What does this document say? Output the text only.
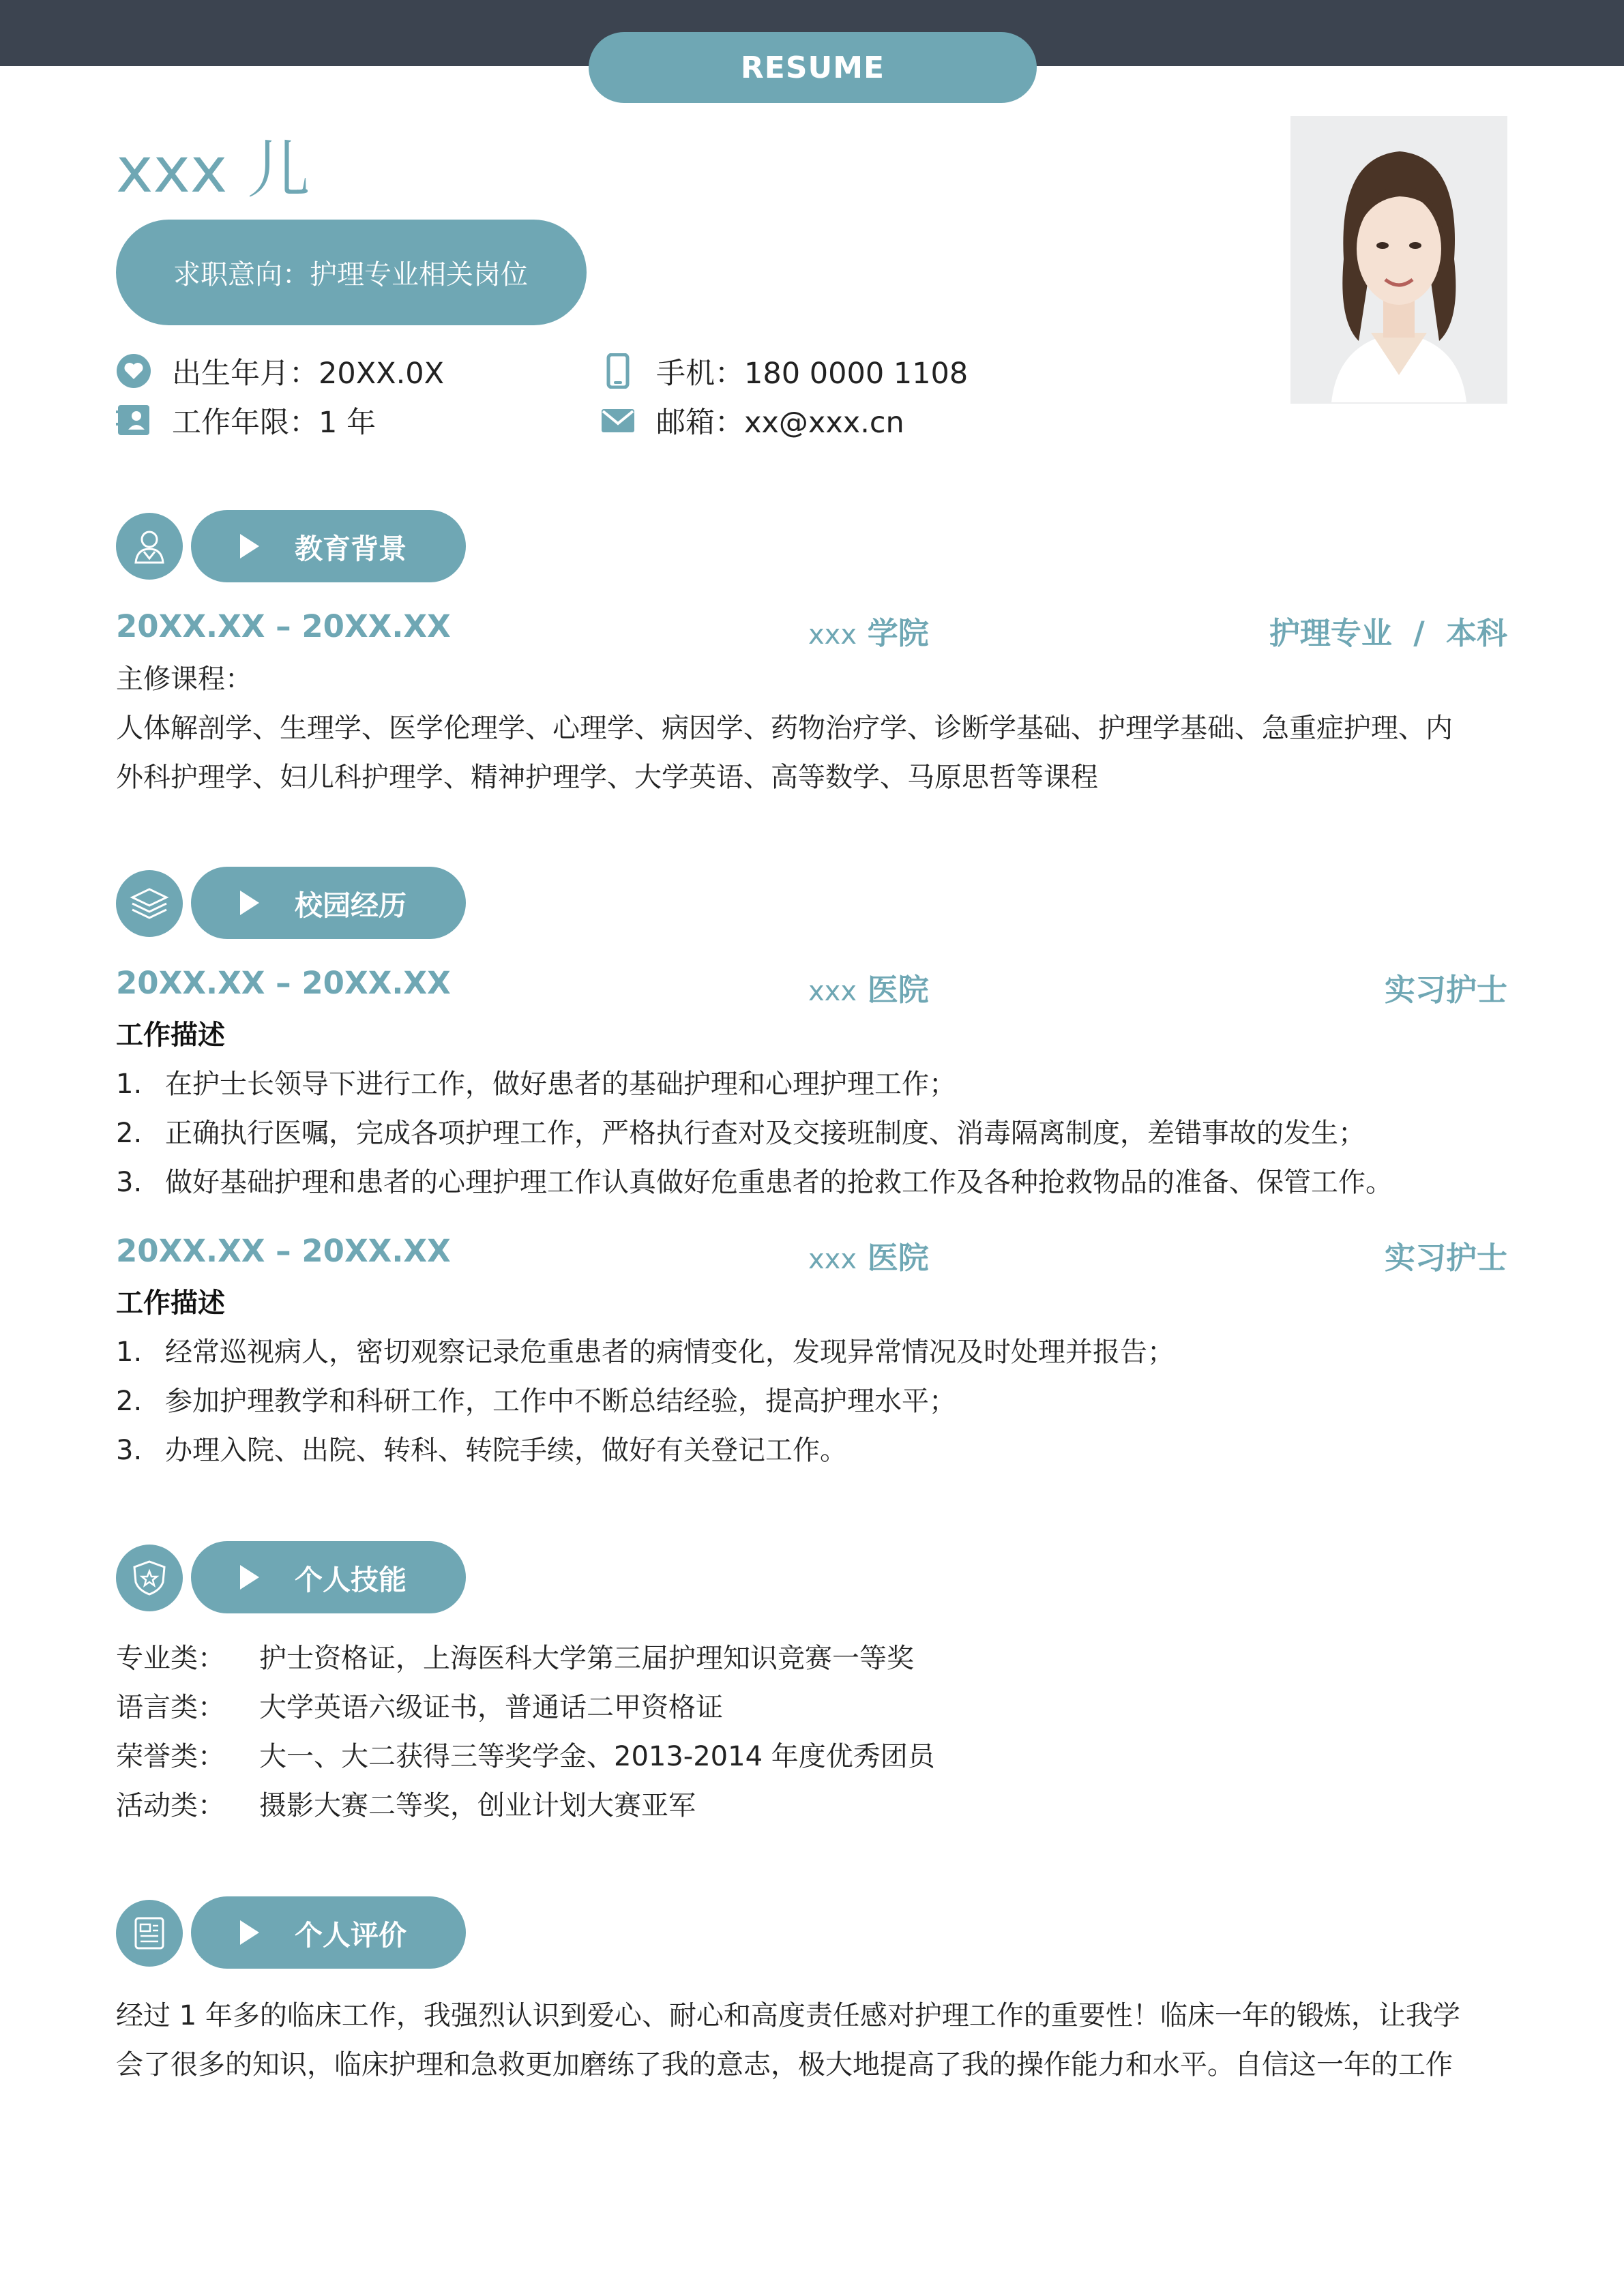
RESUME
xxx 儿
求职意向：护理专业相关岗位
出生年月：20XX.0X
工作年限：1 年
手机：180 0000 1108
邮箱：xx@xxx.cn
教育背景
20XX.XX – 20XX.XX	xxx 学院	护理专业  /  本科
主修课程：
人体解剖学、生理学、医学伦理学、心理学、病因学、药物治疗学、诊断学基础、护理学基础、急重症护理、内
外科护理学、妇儿科护理学、精神护理学、大学英语、高等数学、马原思哲等课程
校园经历
20XX.XX – 20XX.XX	xxx 医院	实习护士
工作描述
1. 在护士长领导下进行工作，做好患者的基础护理和心理护理工作；
2. 正确执行医嘱，完成各项护理工作，严格执行查对及交接班制度、消毒隔离制度，差错事故的发生；
3. 做好基础护理和患者的心理护理工作认真做好危重患者的抢救工作及各种抢救物品的准备、保管工作。
20XX.XX – 20XX.XX	xxx 医院	实习护士
工作描述
1. 经常巡视病人，密切观察记录危重患者的病情变化，发现异常情况及时处理并报告；
2. 参加护理教学和科研工作，工作中不断总结经验，提高护理水平；
3. 办理入院、出院、转科、转院手续，做好有关登记工作。
个人技能
专业类： 护士资格证，上海医科大学第三届护理知识竞赛一等奖
语言类： 大学英语六级证书，普通话二甲资格证
荣誉类： 大一、大二获得三等奖学金、2013-2014 年度优秀团员
活动类： 摄影大赛二等奖，创业计划大赛亚军
个人评价
经过 1 年多的临床工作，我强烈认识到爱心、耐心和高度责任感对护理工作的重要性！临床一年的锻炼，让我学
会了很多的知识，临床护理和急救更加磨练了我的意志，极大地提高了我的操作能力和水平。自信这一年的工作
